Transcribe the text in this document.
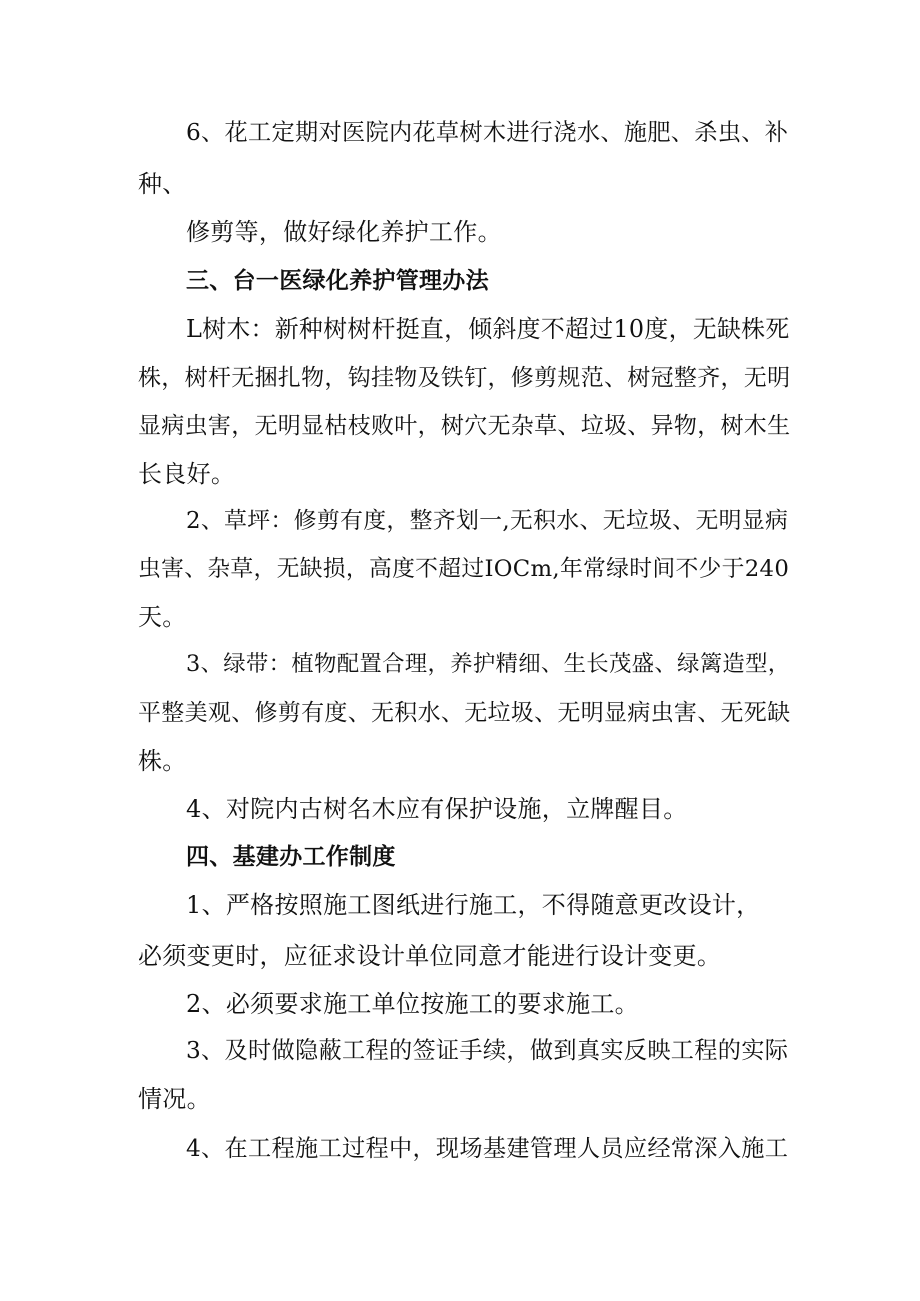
6、花工定期对医院内花草树木进行浇水、施肥、杀虫、补
种、
修剪等，做好绿化养护工作。
三、台一医绿化养护管理办法
L树木：新种树树杆挺直，倾斜度不超过10度，无缺株死
株，树杆无捆扎物，钩挂物及铁钉，修剪规范、树冠整齐，无明
显病虫害，无明显枯枝败叶，树穴无杂草、垃圾、异物，树木生
长良好。
2、草坪：修剪有度，整齐划一,无积水、无垃圾、无明显病
虫害、杂草，无缺损，高度不超过IOCm,年常绿时间不少于240
天。
3、绿带：植物配置合理，养护精细、生长茂盛、绿篱造型，
平整美观、修剪有度、无积水、无垃圾、无明显病虫害、无死缺
株。
4、对院内古树名木应有保护设施，立牌醒目。
四、基建办工作制度
1、严格按照施工图纸进行施工，不得随意更改设计，
必须变更时，应征求设计单位同意才能进行设计变更。
2、必须要求施工单位按施工的要求施工。
3、及时做隐蔽工程的签证手续，做到真实反映工程的实际
情况。
4、在工程施工过程中，现场基建管理人员应经常深入施工
